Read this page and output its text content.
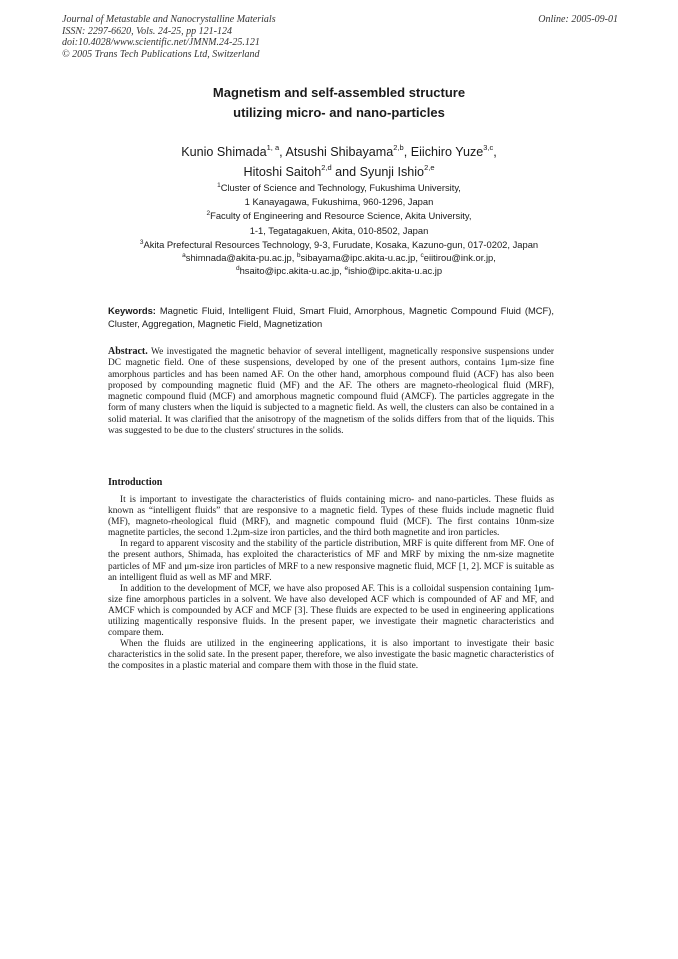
Journal of Metastable and Nanocrystalline Materials
ISSN: 2297-6620, Vols. 24-25, pp 121-124
doi:10.4028/www.scientific.net/JMNM.24-25.121
© 2005 Trans Tech Publications Ltd, Switzerland
Online: 2005-09-01
Magnetism and self-assembled structure
utilizing micro- and nano-particles
Kunio Shimada$^{1, a}$, Atsushi Shibayama$^{2,b}$, Eiichiro Yuze$^{3,c}$,
Hitoshi Saitoh$^{2,d}$ and Syunji Ishio$^{2,e}$
$^1$Cluster of Science and Technology, Fukushima University,
1 Kanayagawa, Fukushima, 960-1296, Japan
$^2$Faculty of Engineering and Resource Science, Akita University,
1-1, Tegatagakuen, Akita, 010-8502, Japan
$^3$Akita Prefectural Resources Technology, 9-3, Furudate, Kosaka, Kazuno-gun, 017-0202, Japan
$^a$shimnada@akita-pu.ac.jp, $^b$sibayama@ipc.akita-u.ac.jp, $^c$eiitirou@ink.or.jp,
$^d$hsaito@ipc.akita-u.ac.jp, $^e$ishio@ipc.akita-u.ac.jp
Keywords: Magnetic Fluid, Intelligent Fluid, Smart Fluid, Amorphous, Magnetic Compound Fluid (MCF), Cluster, Aggregation, Magnetic Field, Magnetization
Abstract. We investigated the magnetic behavior of several intelligent, magnetically responsive suspensions under DC magnetic field. One of these suspensions, developed by one of the present authors, contains 1μm-size fine amorphous particles and has been named AF. On the other hand, amorphous compound fluid (ACF) has also been proposed by compounding magnetic fluid (MF) and the AF. The others are magneto-rheological fluid (MRF), magnetic compound fluid (MCF) and amorphous magnetic compound fluid (AMCF). The particles aggregate in the form of many clusters when the liquid is subjected to a magnetic field. As well, the clusters can also be contained in a solid material. It was clarified that the anisotropy of the magnetism of the solids differs from that of the liquids. This was suggested to be due to the clusters' structures in the solids.
Introduction

It is important to investigate the characteristics of fluids containing micro- and nano-particles. These fluids as known as “intelligent fluids” that are responsive to a magnetic field. Types of these fluids include magnetic fluid (MF), magneto-rheological fluid (MRF), and magnetic compound fluid (MCF). The first contains 10nm-size magnetite particles, the second 1.2μm-size iron particles, and the third both magnetite and iron particles.

In regard to apparent viscosity and the stability of the particle distribution, MRF is quite different from MF. One of the present authors, Shimada, has exploited the characteristics of MF and MRF by mixing the nm-size magnetite particles of MF and μm-size iron particles of MRF to a new responsive magnetic fluid, MCF [1, 2]. MCF is suitable as an intelligent fluid as well as MF and MRF.

In addition to the development of MCF, we have also proposed AF. This is a colloidal suspension containing 1μm-size fine amorphous particles in a solvent. We have also developed ACF which is compounded of AF and MF, and AMCF which is compounded by ACF and MCF [3]. These fluids are expected to be used in engineering applications utilizing magentically responsive fluids. In the present paper, we investigate their magnetic characteristics and compare them.

When the fluids are utilized in the engineering applications, it is also important to investigate their basic characteristics in the solid sate. In the present paper, therefore, we also investigate the basic magnetic characteristics of the composites in a plastic material and compare them with those in the fluid state.
